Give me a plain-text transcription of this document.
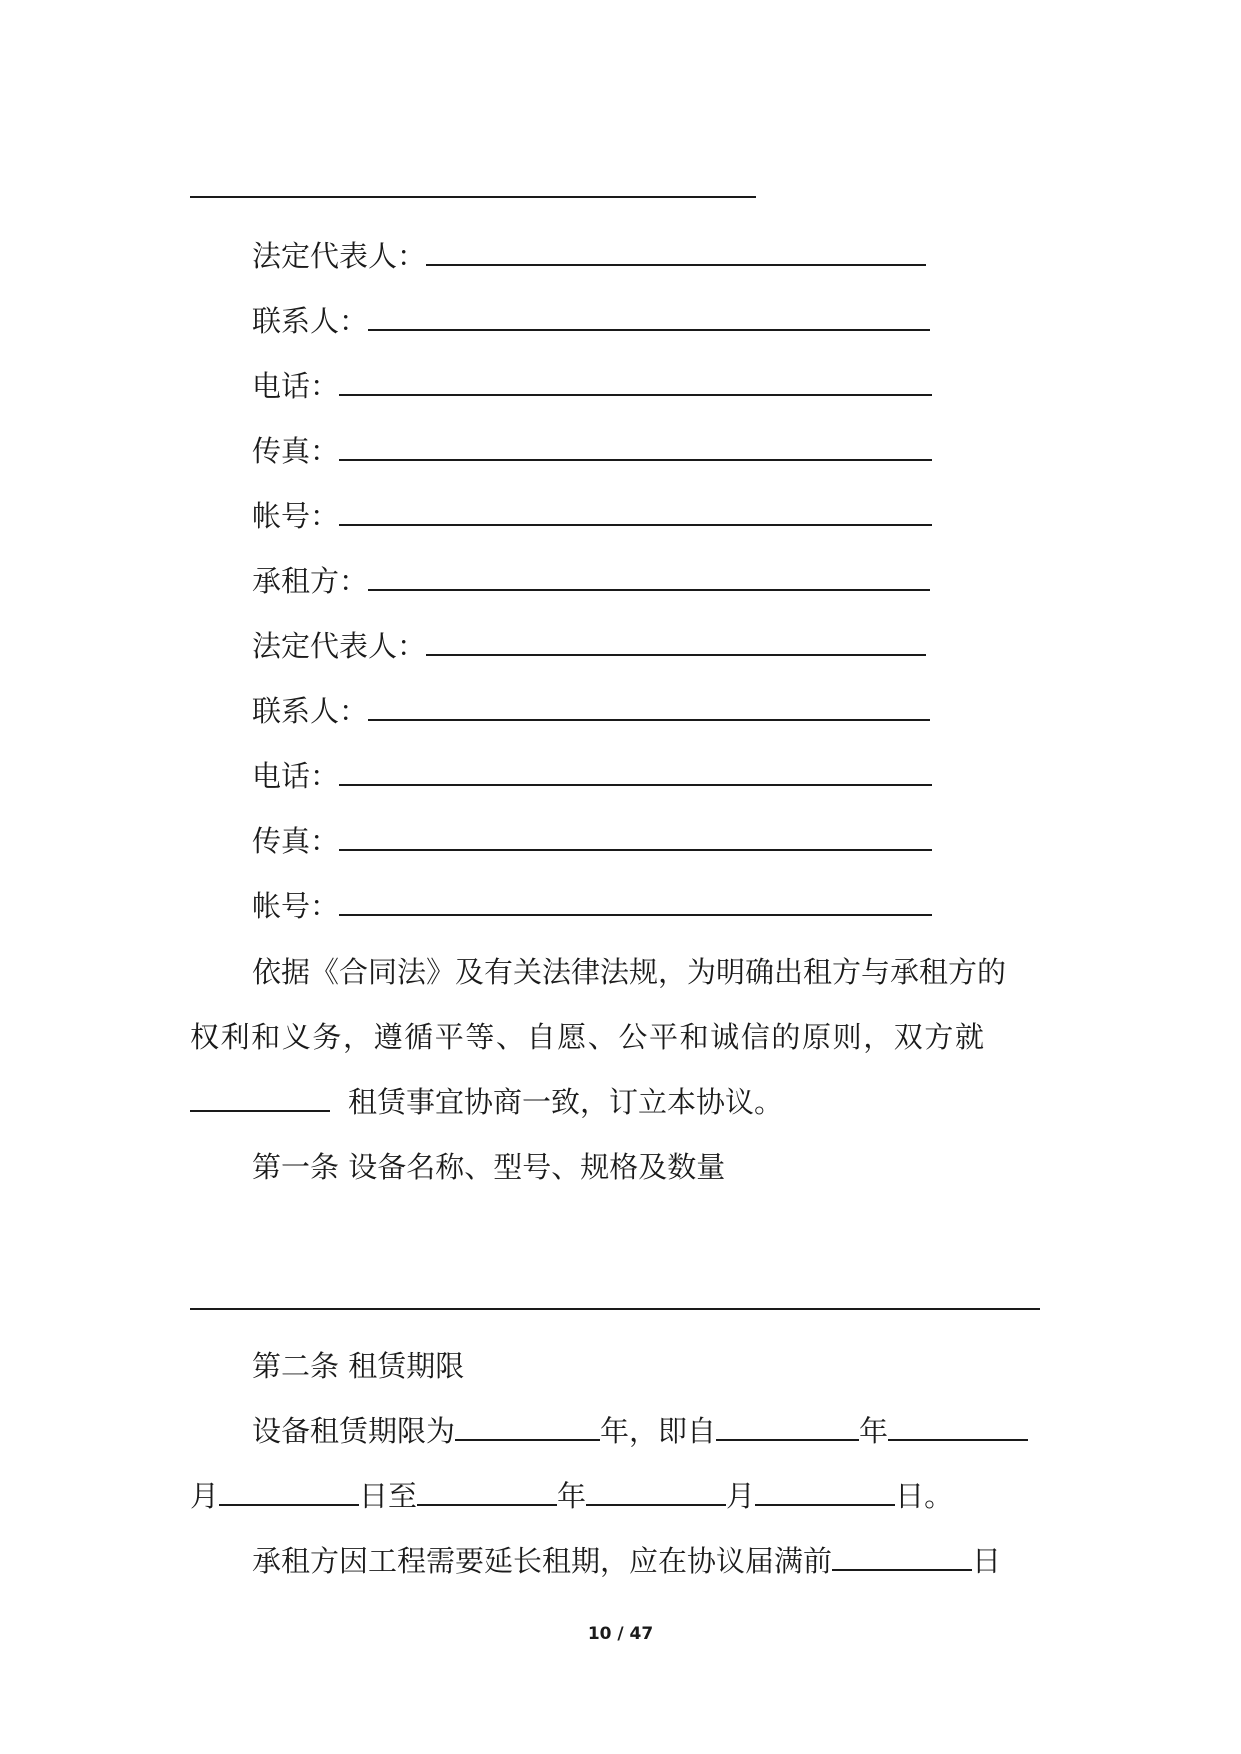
法定代表人：
联系人：
电话：
传真：
帐号：
承租方：
法定代表人：
联系人：
电话：
传真：
帐号：
依据《合同法》及有关法律法规，为明确出租方与承租方的
权利和义务，遵循平等、自愿、公平和诚信的原则，双方就
租赁事宜协商一致，订立本协议。
第一条 设备名称、型号、规格及数量
第二条 租赁期限
设备租赁期限为	年，即自	年
月	日至	年	月	日。
承租方因工程需要延长租期，应在协议届满前	日
10 / 47
